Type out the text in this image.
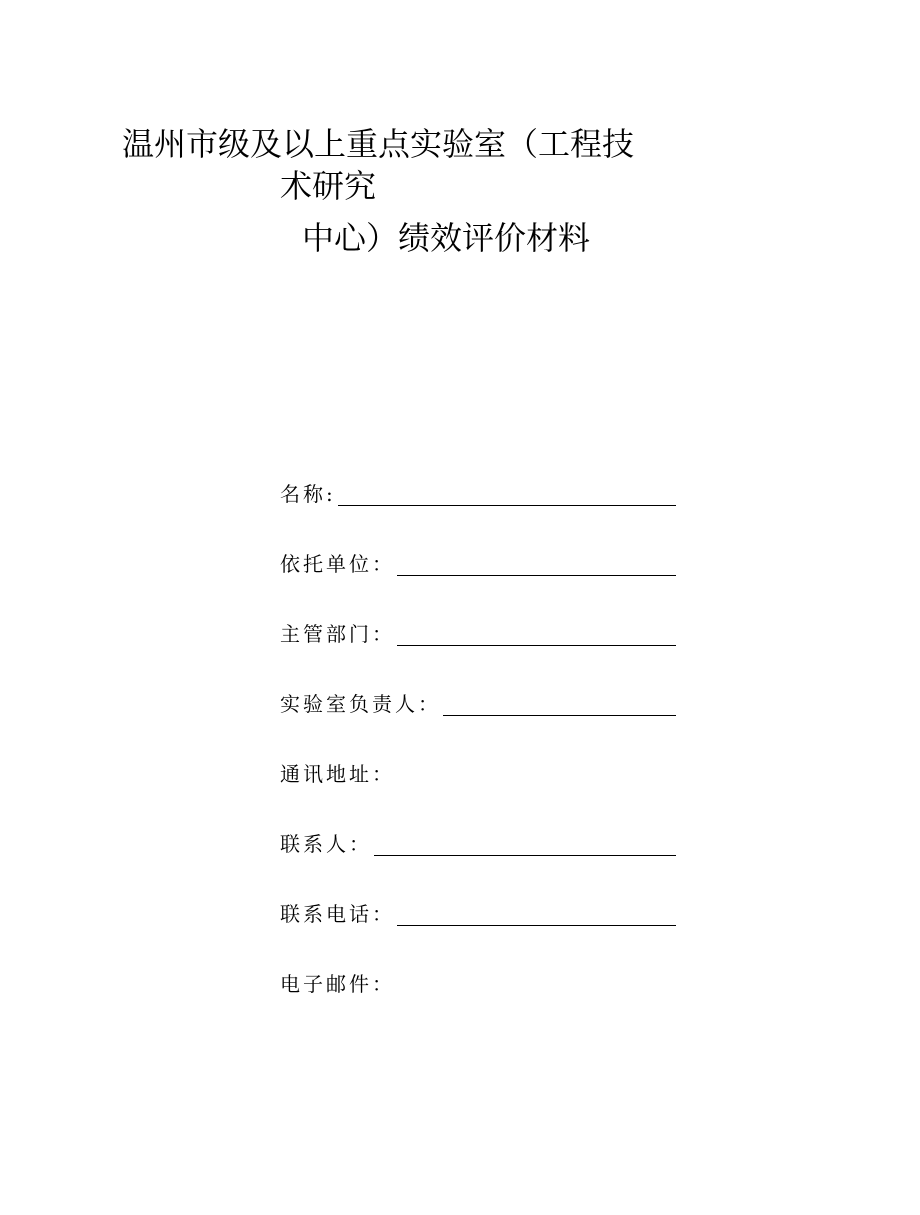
温州市级及以上重点实验室（工程技
术研究
中心）绩效评价材料
名称:
依托单位：
主管部门：
实验室负责人：
通讯地址：
联系人：
联系电话：
电子邮件：
